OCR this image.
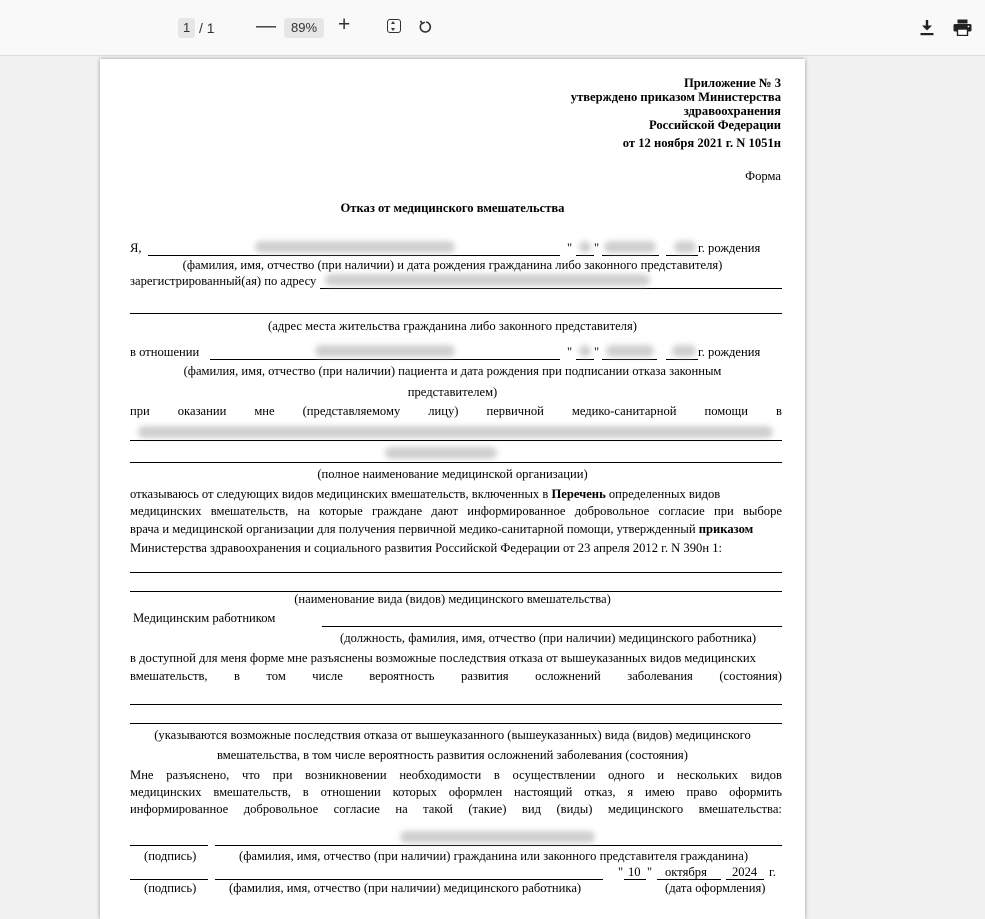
1 / 1 —	89% +
Приложение № 3
утверждено приказом Министерства
здравоохранения
Российской Федерации
от 12 ноября 2021 г. N 1051н
Форма
Отказ от медицинского вмешательства
Я,	" "	г. рождения
(фамилия, имя, отчество (при наличии) и дата рождения гражданина либо законного представителя)
зарегистрированный(ая) по адресу
(адрес места жительства гражданина либо законного представителя)
в отношении	" "	г. рождения
(фамилия, имя, отчество (при наличии) пациента и дата рождения при подписании отказа законным
представителем)
при оказании мне (представляемому лицу) первичной медико-санитарной помощи в
(полное наименование медицинской организации)
отказываюсь от следующих видов медицинских вмешательств, включенных в Перечень определенных видов
медицинских вмешательств, на которые граждане дают информированное добровольное согласие при выборе
врача и медицинской организации для получения первичной медико-санитарной помощи, утвержденный приказом
Министерства здравоохранения и социального развития Российской Федерации от 23 апреля 2012 г. N 390н 1:
(наименование вида (видов) медицинского вмешательства)
Медицинским работником
(должность, фамилия, имя, отчество (при наличии) медицинского работника)
в доступной для меня форме мне разъяснены возможные последствия отказа от вышеуказанных видов медицинских
вмешательств, в том числе вероятность развития осложнений заболевания (состояния)
(указываются возможные последствия отказа от вышеуказанного (вышеуказанных) вида (видов) медицинского
вмешательства, в том числе вероятность развития осложнений заболевания (состояния)
Мне разъяснено, что при возникновении необходимости в осуществлении одного и нескольких видов
медицинских вмешательств, в отношении которых оформлен настоящий отказ, я имею право оформить
информированное добровольное согласие на такой (такие) вид (виды) медицинского вмешательства:
(подпись)	(фамилия, имя, отчество (при наличии) гражданина или законного представителя гражданина)
" 10 " октября 2024 г.
(подпись)	(фамилия, имя, отчество (при наличии) медицинского работника)	(дата оформления)
